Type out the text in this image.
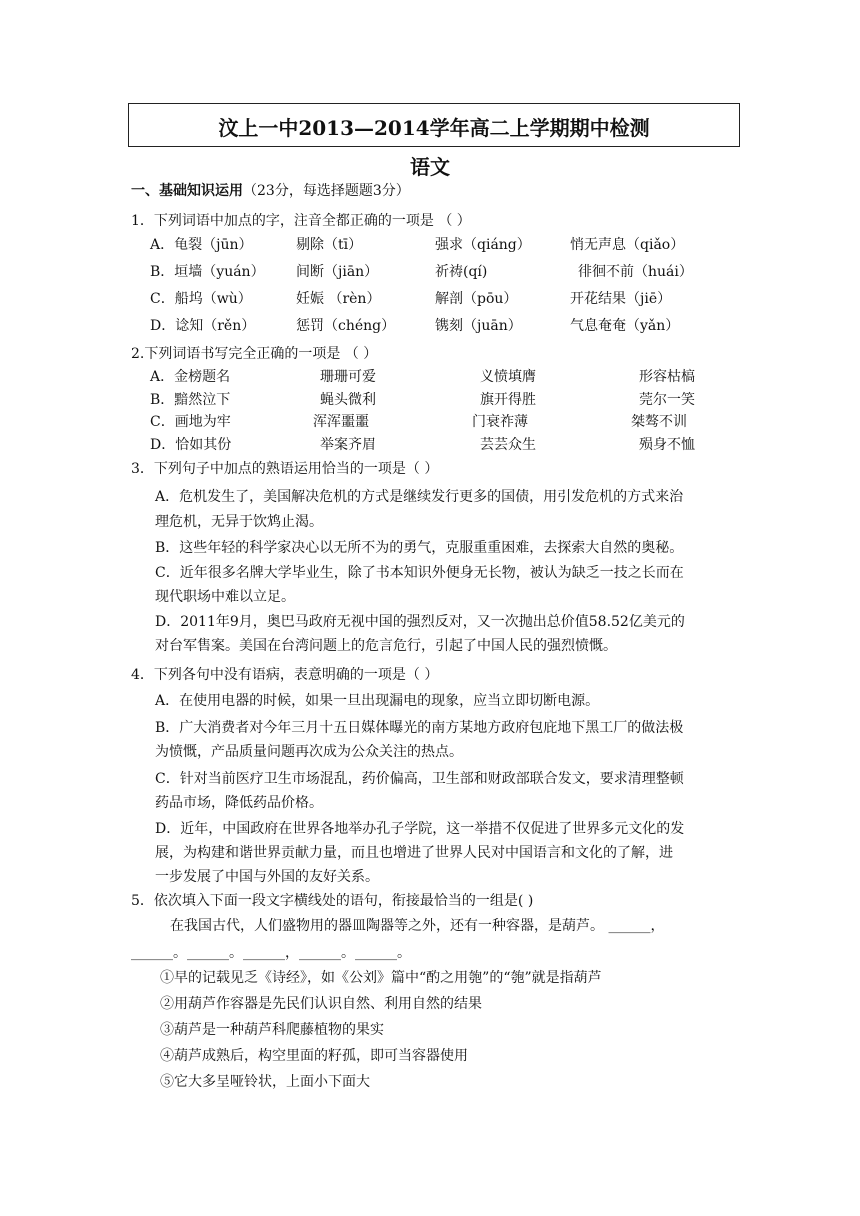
汶上一中2013—2014学年高二上学期期中检测
语文
一、基础知识运用（23分，每选择题题3分）
1．下列词语中加点的字，注音全都正确的一项是 （ ）
A．龟裂（jūn）	剔除（tī）	强求（qiáng）	悄无声息（qiǎo）
B．垣墙（yuán） 间断（jiān）	祈祷(qí)	徘徊不前（huái）
C．船坞（wù）	妊娠 （rèn）	解剖（pōu）	开花结果（jiē）
D．谂知（rěn）	惩罚（chéng）	镌刻（juān）	气息奄奄（yǎn）
2.下列词语书写完全正确的一项是 （ ）
A．金榜题名	珊珊可爱	义愤填膺	形容枯槁
B．黯然泣下	蝇头微利	旗开得胜	莞尔一笑
C．画地为牢	浑浑噩噩	门衰祚薄	桀骜不训
D．恰如其份	举案齐眉	芸芸众生	殒身不恤
3．下列句子中加点的熟语运用恰当的一项是（ ）
A．危机发生了，美国解决危机的方式是继续发行更多的国债，用引发危机的方式来治
理危机，无异于饮鸩止渴。
B．这些年轻的科学家决心以无所不为的勇气，克服重重困难，去探索大自然的奥秘。
C．近年很多名牌大学毕业生，除了书本知识外便身无长物，被认为缺乏一技之长而在
现代职场中难以立足。
D．2011年9月，奥巴马政府无视中国的强烈反对，又一次抛出总价值58.52亿美元的
对台军售案。美国在台湾问题上的危言危行，引起了中国人民的强烈愤慨。
4．下列各句中没有语病，表意明确的一项是（ ）
A．在使用电器的时候，如果一旦出现漏电的现象，应当立即切断电源。
B．广大消费者对今年三月十五日媒体曝光的南方某地方政府包庇地下黑工厂的做法极
为愤慨，产品质量问题再次成为公众关注的热点。
C．针对当前医疗卫生市场混乱，药价偏高，卫生部和财政部联合发文，要求清理整顿
药品市场，降低药品价格。
D．近年，中国政府在世界各地举办孔子学院，这一举措不仅促进了世界多元文化的发
展，为构建和谐世界贡献力量，而且也增进了世界人民对中国语言和文化的了解，进
一步发展了中国与外国的友好关系。
5．依次填入下面一段文字横线处的语句，衔接最恰当的一组是( )
在我国古代，人们盛物用的器皿陶器等之外，还有一种容器，是葫芦。 ______，
______。______。______，______。______。
①早的记载见乏《诗经》，如《公刘》篇中“酌之用匏”的“匏”就是指葫芦
②用葫芦作容器是先民们认识自然、利用自然的结果
③葫芦是一种葫芦科爬藤植物的果实
④葫芦成熟后，构空里面的籽孤，即可当容器使用
⑤它大多呈哑铃状，上面小下面大
